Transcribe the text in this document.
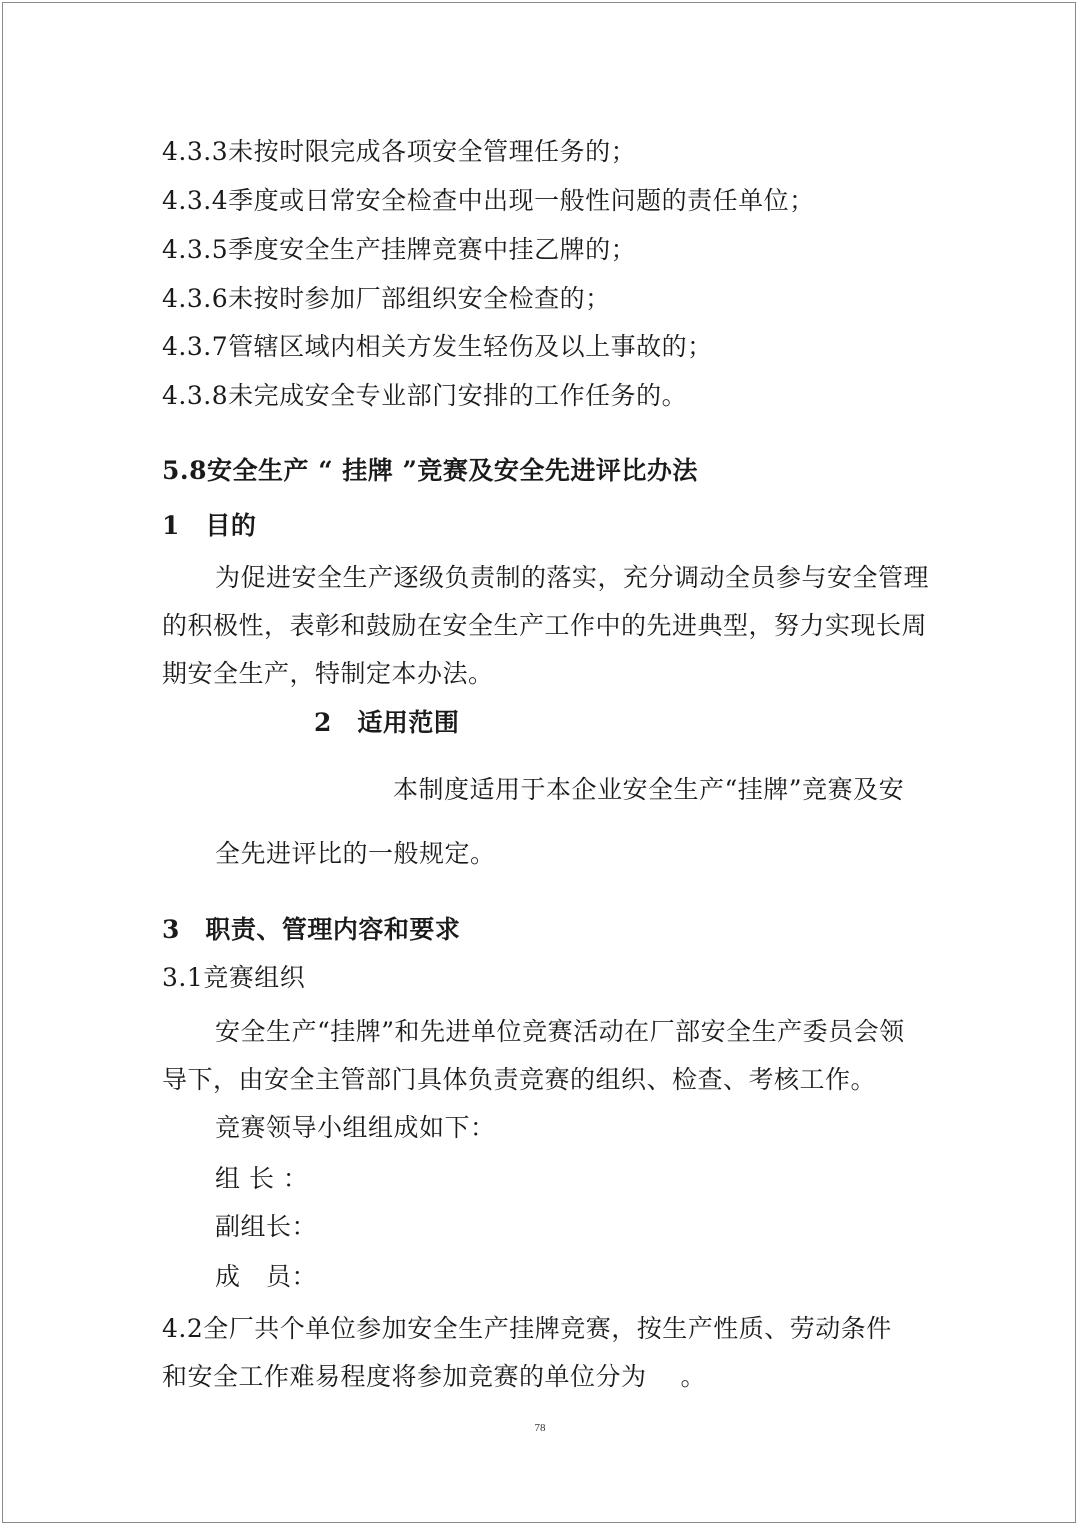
4.3.3未按时限完成各项安全管理任务的；
4.3.4季度或日常安全检查中出现一般性问题的责任单位；
4.3.5季度安全生产挂牌竞赛中挂乙牌的；
4.3.6未按时参加厂部组织安全检查的；
4.3.7管辖区域内相关方发生轻伤及以上事故的；
4.3.8未完成安全专业部门安排的工作任务的。
5.8安全生产 “ 挂牌 ”竞赛及安全先进评比办法
1　目的
为促进安全生产逐级负责制的落实，充分调动全员参与安全管理
的积极性，表彰和鼓励在安全生产工作中的先进典型，努力实现长周
期安全生产，特制定本办法。
2　适用范围
本制度适用于本企业安全生产“挂牌”竞赛及安
全先进评比的一般规定。
3　职责、管理内容和要求
3.1竞赛组织
安全生产“挂牌”和先进单位竞赛活动在厂部安全生产委员会领
导下，由安全主管部门具体负责竞赛的组织、检查、考核工作。
竞赛领导小组组成如下：
组 长 ：
副组长：
成　员：
4.2全厂共个单位参加安全生产挂牌竞赛，按生产性质、劳动条件
和安全工作难易程度将参加竞赛的单位分为　 。
78
